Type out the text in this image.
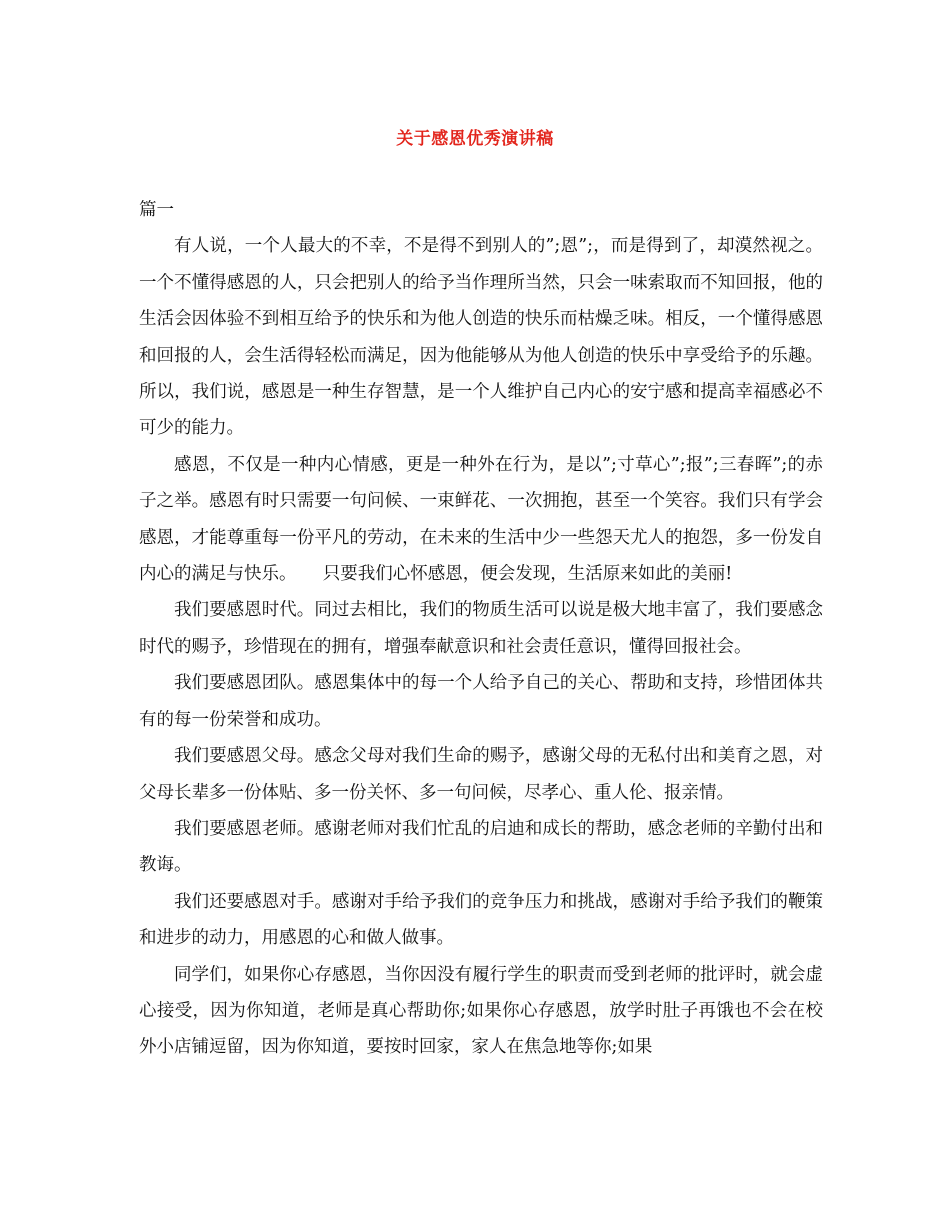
关于感恩优秀演讲稿

篇一

有人说，一个人最大的不幸，不是得不到别人的”;恩”;，而是得到了，却漠然视之。一个不懂得感恩的人，只会把别人的给予当作理所当然，只会一味索取而不知回报，他的生活会因体验不到相互给予的快乐和为他人创造的快乐而枯燥乏味。相反，一个懂得感恩和回报的人，会生活得轻松而满足，因为他能够从为他人创造的快乐中享受给予的乐趣。所以，我们说，感恩是一种生存智慧，是一个人维护自己内心的安宁感和提高幸福感必不可少的能力。

感恩，不仅是一种内心情感，更是一种外在行为，是以”;寸草心”;报”;三春晖”;的赤子之举。感恩有时只需要一句问候、一束鲜花、一次拥抱，甚至一个笑容。我们只有学会感恩，才能尊重每一份平凡的劳动，在未来的生活中少一些怨天尤人的抱怨，多一份发自内心的满足与快乐。　　只要我们心怀感恩，便会发现，生活原来如此的美丽!

我们要感恩时代。同过去相比，我们的物质生活可以说是极大地丰富了，我们要感念时代的赐予，珍惜现在的拥有，增强奉献意识和社会责任意识，懂得回报社会。

我们要感恩团队。感恩集体中的每一个人给予自己的关心、帮助和支持，珍惜团体共有的每一份荣誉和成功。

我们要感恩父母。感念父母对我们生命的赐予，感谢父母的无私付出和美育之恩，对父母长辈多一份体贴、多一份关怀、多一句问候，尽孝心、重人伦、报亲情。

我们要感恩老师。感谢老师对我们忙乱的启迪和成长的帮助，感念老师的辛勤付出和教诲。

我们还要感恩对手。感谢对手给予我们的竞争压力和挑战，感谢对手给予我们的鞭策和进步的动力，用感恩的心和做人做事。

同学们，如果你心存感恩，当你因没有履行学生的职责而受到老师的批评时，就会虚心接受，因为你知道，老师是真心帮助你;如果你心存感恩，放学时肚子再饿也不会在校外小店铺逗留，因为你知道，要按时回家，家人在焦急地等你;如果
